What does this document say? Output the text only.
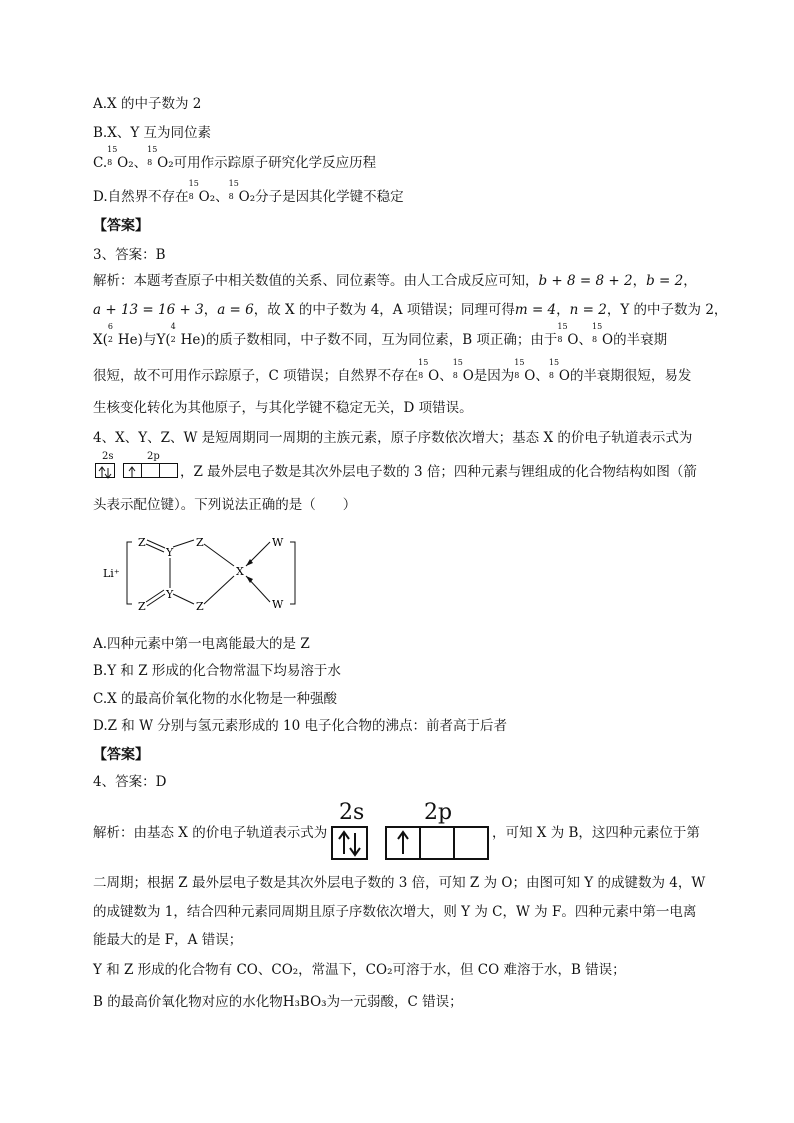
A.X 的中子数为 2
B.X、Y 互为同位素
C.
15
8 O₂、
15
8 O₂可用作示踪原子研究化学反应历程
D.自然界不存在
15
8 O₂、
15
8 O₂分子是因其化学键不稳定
【答案】
3、答案：B
解析：本题考查原子中相关数值的关系、同位素等。由人工合成反应可知，b + 8 = 8 + 2，b = 2，
a + 13 = 16 + 3，a = 6，故 X 的中子数为 4，A 项错误；同理可得m = 4，n = 2，Y 的中子数为 2，
X(
6
2 He)与Y(
4
2 He)的质子数相同，中子数不同，互为同位素，B 项正确；由于
15
8 O、
15
8 O的半衰期
很短，故不可用作示踪原子，C 项错误；自然界不存在
15
8 O、
15
8 O是因为
15
8 O、
15
8 O的半衰期很短，易发
生核变化转化为其他原子，与其化学键不稳定无关，D 项错误。
4、X、Y、Z、W 是短周期同一周期的主族元素，原子序数依次增大；基态 X 的价电子轨道表示式为
2s	2p
，Z 最外层电子数是其次外层电子数的 3 倍；四种元素与锂组成的化合物结构如图（箭
头表示配位键）。下列说法正确的是（　　）
Li⁺
Z
Y
Z
X
W
Y
Z	Z	W
A.四种元素中第一电离能最大的是 Z
B.Y 和 Z 形成的化合物常温下均易溶于水
C.X 的最高价氧化物的水化物是一种强酸
D.Z 和 W 分别与氢元素形成的 10 电子化合物的沸点：前者高于后者
【答案】
4、答案：D
解析：由基态 X 的价电子轨道表示式为
2s	2p
，可知 X 为 B，这四种元素位于第
二周期；根据 Z 最外层电子数是其次外层电子数的 3 倍，可知 Z 为 O；由图可知 Y 的成键数为 4，W
的成键数为 1，结合四种元素同周期且原子序数依次增大，则 Y 为 C，W 为 F。四种元素中第一电离
能最大的是 F，A 错误；
Y 和 Z 形成的化合物有 CO、CO₂，常温下，CO₂可溶于水，但 CO 难溶于水，B 错误；
B 的最高价氧化物对应的水化物H₃BO₃为一元弱酸，C 错误；
